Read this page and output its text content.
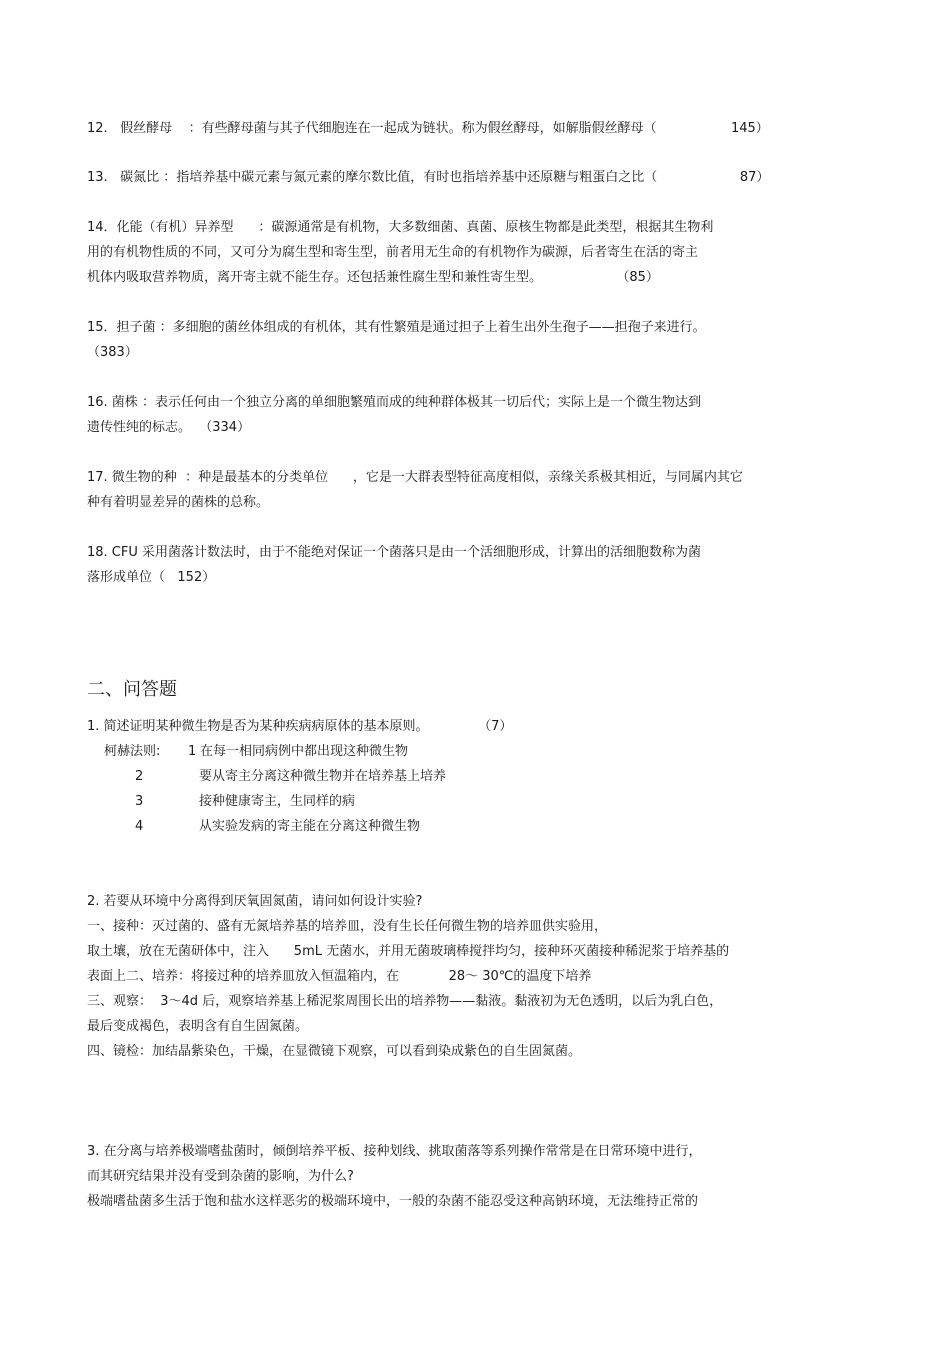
12.   假丝酵母    ：有些酵母菌与其子代细胞连在一起成为链状。称为假丝酵母，如解脂假丝酵母（                  145）
13.   碳氮比 ：指培养基中碳元素与氮元素的摩尔数比值，有时也指培养基中还原糖与粗蛋白之比（                    87）
14．化能（有机）异养型      ：碳源通常是有机物，大多数细菌、真菌、原核生物都是此类型，根据其生物利
用的有机物性质的不同，又可分为腐生型和寄生型，前者用无生命的有机物作为碳源，后者寄生在活的寄主
机体内吸取营养物质，离开寄主就不能生存。还包括兼性腐生型和兼性寄生型。                  （85）
15．担子菌 ：多细胞的菌丝体组成的有机体，其有性繁殖是通过担子上着生出外生孢子——担孢子来进行。
（383）
16. 菌株 ：表示任何由一个独立分离的单细胞繁殖而成的纯种群体极其一切后代；实际上是一个微生物达到
遗传性纯的标志。  （334）
17. 微生物的种  ：种是最基本的分类单位      ，它是一大群表型特征高度相似，亲缘关系极其相近，与同属内其它
种有着明显差异的菌株的总称。
18. CFU 采用菌落计数法时，由于不能绝对保证一个菌落只是由一个活细胞形成，计算出的活细胞数称为菌
落形成单位（   152）
二、问答题
1. 简述证明某种微生物是否为某种疾病病原体的基本原则。            （7）
柯赫法则: 1 在每一相同病例中都出现这种微生物
2	要从寄主分离这种微生物并在培养基上培养
3	接种健康寄主，生同样的病
4	从实验发病的寄主能在分离这种微生物
2. 若要从环境中分离得到厌氧固氮菌，请问如何设计实验?
一、接种：灭过菌的、盛有无氮培养基的培养皿，没有生长任何微生物的培养皿供实验用，
取土壤，放在无菌研体中，注入      5mL 无菌水，并用无菌玻璃棒搅拌均匀，接种环灭菌接种稀泥浆于培养基的
表面上二、培养：将接过种的培养皿放入恒温箱内，在            28～ 30℃的温度下培养
三、观察：  3～4d 后，观察培养基上稀泥浆周围长出的培养物——黏液。黏液初为无色透明，以后为乳白色，
最后变成褐色，表明含有自生固氮菌。
四、镜检：加结晶紫染色，干燥，在显微镜下观察，可以看到染成紫色的自生固氮菌。
3. 在分离与培养极端嗜盐菌时，倾倒培养平板、接种划线、挑取菌落等系列操作常常是在日常环境中进行，
而其研究结果并没有受到杂菌的影响，为什么?
极端嗜盐菌多生活于饱和盐水这样恶劣的极端环境中，一般的杂菌不能忍受这种高钠环境，无法维持正常的
